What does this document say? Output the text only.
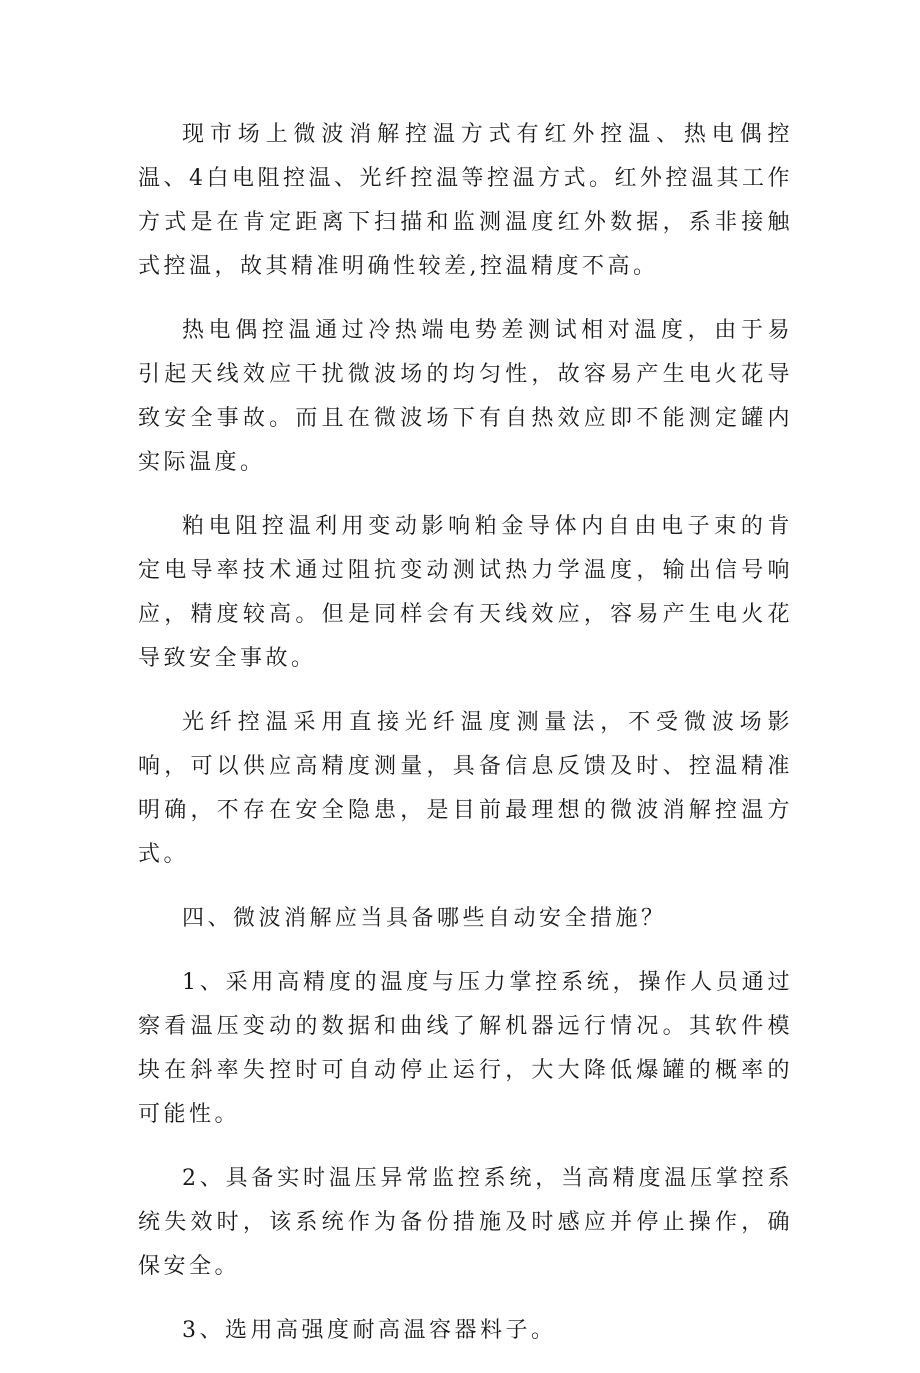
现市场上微波消解控温方式有红外控温、热电偶控温、4白电阻控温、光纤控温等控温方式。红外控温其工作方式是在肯定距离下扫描和监测温度红外数据，系非接触式控温，故其精准明确性较差,控温精度不高。

热电偶控温通过冷热端电势差测试相对温度，由于易引起天线效应干扰微波场的均匀性，故容易产生电火花导致安全事故。而且在微波场下有自热效应即不能测定罐内实际温度。

粕电阻控温利用变动影响粕金导体内自由电子束的肯定电导率技术通过阻抗变动测试热力学温度，输出信号响应，精度较高。但是同样会有天线效应，容易产生电火花导致安全事故。

光纤控温采用直接光纤温度测量法，不受微波场影响，可以供应高精度测量，具备信息反馈及时、控温精准明确，不存在安全隐患，是目前最理想的微波消解控温方式。

四、微波消解应当具备哪些自动安全措施？

1、采用高精度的温度与压力掌控系统，操作人员通过察看温压变动的数据和曲线了解机器远行情况。其软件模块在斜率失控时可自动停止运行，大大降低爆罐的概率的可能性。

2、具备实时温压异常监控系统，当高精度温压掌控系统失效时，该系统作为备份措施及时感应并停止操作，确保安全。

3、选用高强度耐高温容器料子。
